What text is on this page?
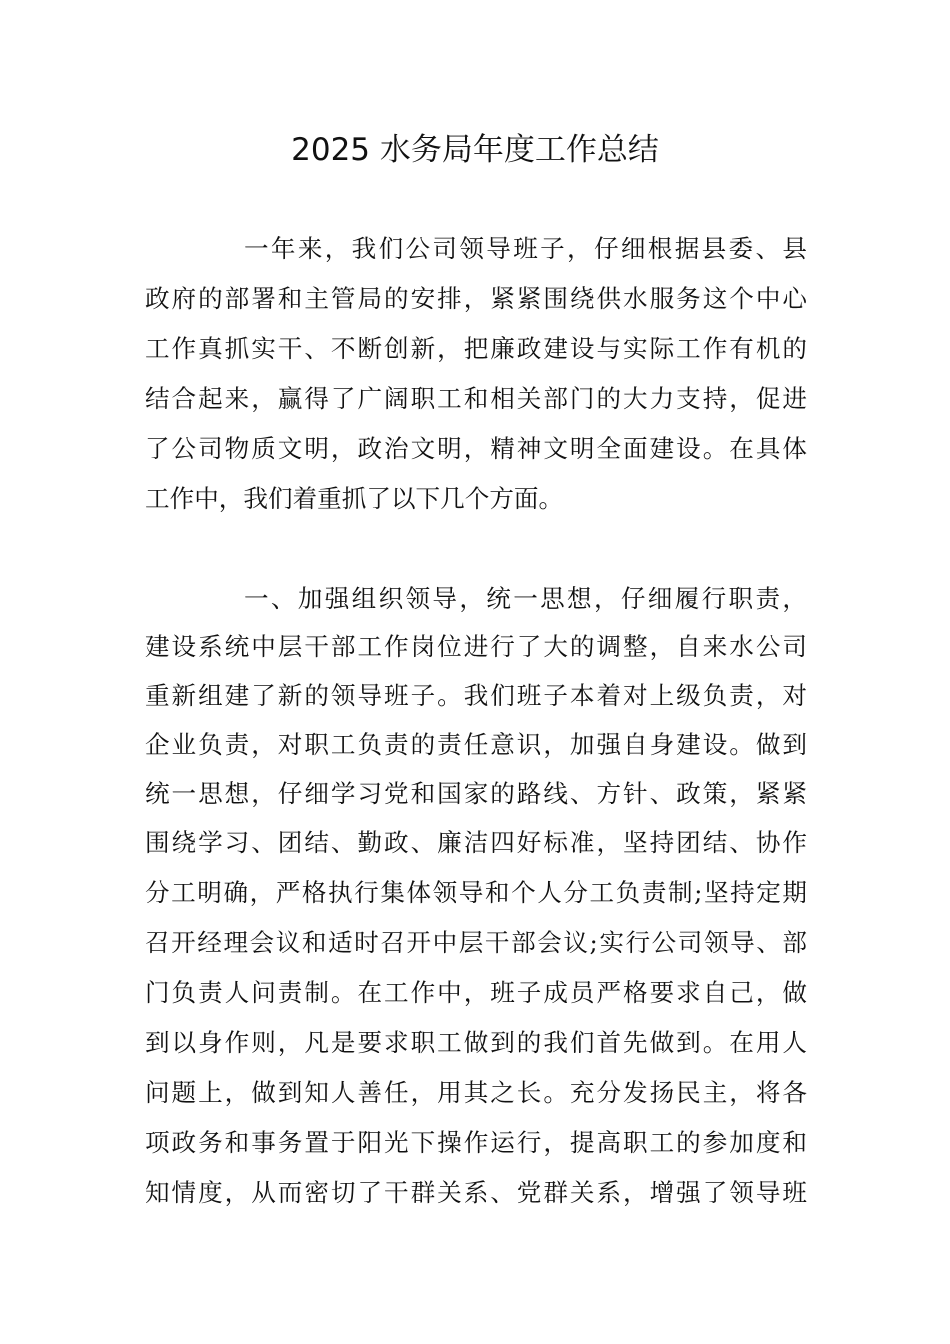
2025 水务局年度工作总结
一年来，我们公司领导班子，仔细根据县委、县
政府的部署和主管局的安排，紧紧围绕供水服务这个中心
工作真抓实干、不断创新，把廉政建设与实际工作有机的
结合起来，赢得了广阔职工和相关部门的大力支持，促进
了公司物质文明，政治文明，精神文明全面建设。在具体
工作中，我们着重抓了以下几个方面。
一、加强组织领导，统一思想，仔细履行职责，
建设系统中层干部工作岗位进行了大的调整，自来水公司
重新组建了新的领导班子。我们班子本着对上级负责，对
企业负责，对职工负责的责任意识，加强自身建设。做到
统一思想，仔细学习党和国家的路线、方针、政策，紧紧
围绕学习、团结、勤政、廉洁四好标准，坚持团结、协作
分工明确，严格执行集体领导和个人分工负责制;坚持定期
召开经理会议和适时召开中层干部会议;实行公司领导、部
门负责人问责制。在工作中，班子成员严格要求自己，做
到以身作则，凡是要求职工做到的我们首先做到。在用人
问题上，做到知人善任，用其之长。充分发扬民主，将各
项政务和事务置于阳光下操作运行，提高职工的参加度和
知情度，从而密切了干群关系、党群关系，增强了领导班
